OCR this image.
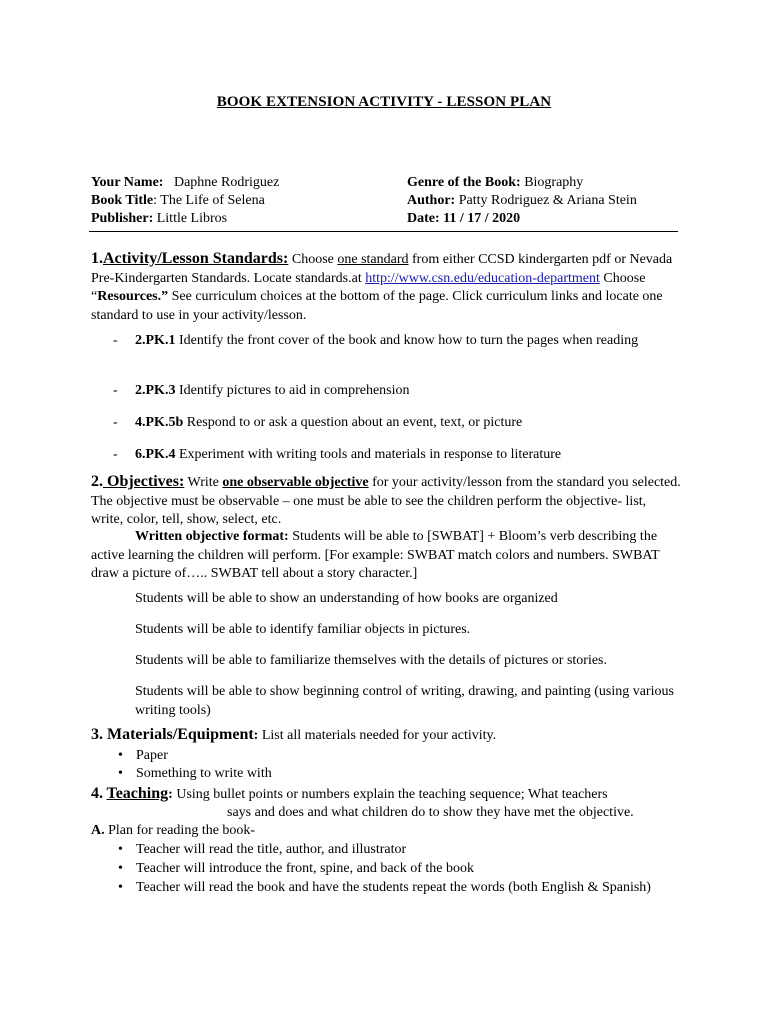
BOOK EXTENSION ACTIVITY - LESSON PLAN
Your Name: Daphne Rodriguez
Book Title: The Life of Selena
Publisher: Little Libros
Genre of the Book: Biography
Author: Patty Rodriguez & Ariana Stein
Date: 11 / 17 / 2020
1.Activity/Lesson Standards: Choose one standard from either CCSD kindergarten pdf or Nevada Pre-Kindergarten Standards. Locate standards.at http://www.csn.edu/education-department Choose “Resources.” See curriculum choices at the bottom of the page. Click curriculum links and locate one standard to use in your activity/lesson.
- 2.PK.1 Identify the front cover of the book and know how to turn the pages when reading
- 2.PK.3 Identify pictures to aid in comprehension
- 4.PK.5b Respond to or ask a question about an event, text, or picture
- 6.PK.4 Experiment with writing tools and materials in response to literature
2. Objectives: Write one observable objective for your activity/lesson from the standard you selected. The objective must be observable – one must be able to see the children perform the objective- list, write, color, tell, show, select, etc.
Written objective format: Students will be able to [SWBAT] + Bloom’s verb describing the active learning the children will perform. [For example: SWBAT match colors and numbers. SWBAT draw a picture of….. SWBAT tell about a story character.]
Students will be able to show an understanding of how books are organized
Students will be able to identify familiar objects in pictures.
Students will be able to familiarize themselves with the details of pictures or stories.
Students will be able to show beginning control of writing, drawing, and painting (using various writing tools)
3. Materials/Equipment: List all materials needed for your activity.
• Paper
• Something to write with
4. Teaching: Using bullet points or numbers explain the teaching sequence; What teachers
says and does and what children do to show they have met the objective.
A. Plan for reading the book-
• Teacher will read the title, author, and illustrator
• Teacher will introduce the front, spine, and back of the book
• Teacher will read the book and have the students repeat the words (both English & Spanish)
